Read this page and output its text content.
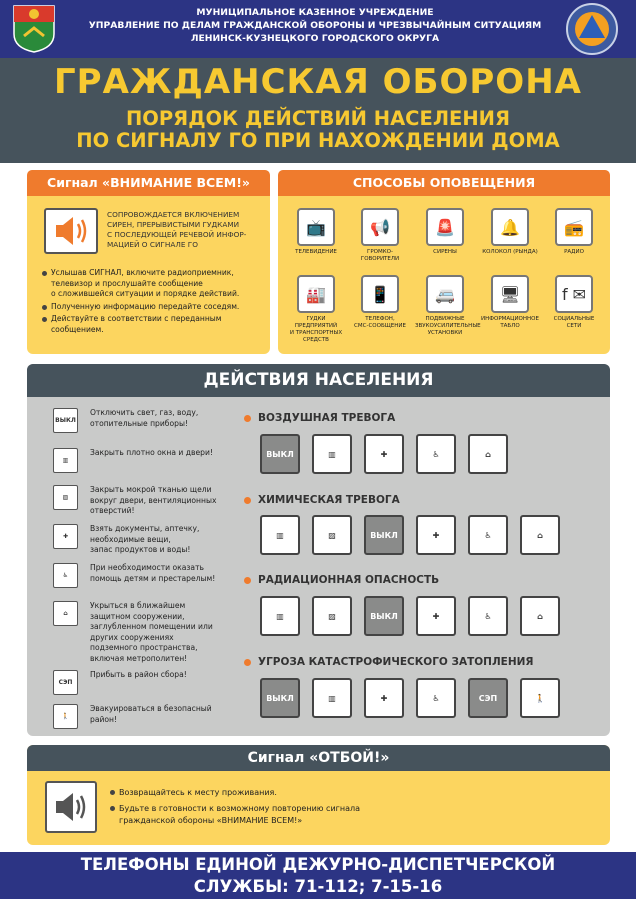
МУНИЦИПАЛЬНОЕ КАЗЕННОЕ УЧРЕЖДЕНИЕ
УПРАВЛЕНИЕ ПО ДЕЛАМ ГРАЖДАНСКОЙ ОБОРОНЫ И ЧРЕЗВЫЧАЙНЫМ СИТУАЦИЯМ
ЛЕНИНСК-КУЗНЕЦКОГО ГОРОДСКОГО ОКРУГА
ГРАЖДАНСКАЯ ОБОРОНА
ПОРЯДОК ДЕЙСТВИЙ НАСЕЛЕНИЯ
ПО СИГНАЛУ ГО ПРИ НАХОЖДЕНИИ ДОМА
Сигнал «ВНИМАНИЕ ВСЕМ!»
СОПРОВОЖДАЕТСЯ ВКЛЮЧЕНИЕМ
СИРЕН, ПРЕРЫВИСТЫМИ ГУДКАМИ
С ПОСЛЕДУЮЩЕЙ РЕЧЕВОЙ ИНФОР-
МАЦИЕЙ О СИГНАЛЕ ГО
Услышав СИГНАЛ, включите радиоприемник,
телевизор и прослушайте сообщение
о сложившейся ситуации и порядке действий.
Полученную информацию передайте соседям.
Действуйте в соответствии с переданным
сообщением.
СПОСОБЫ ОПОВЕЩЕНИЯ
📺
ТЕЛЕВИДЕНИЕ
📢
ГРОМКО-
ГОВОРИТЕЛИ
🚨
СИРЕНЫ
🔔
КОЛОКОЛ (РЫНДА)
📻
РАДИО
🏭
ГУДКИ ПРЕДПРИЯТИЙ
И ТРАНСПОРТНЫХ
СРЕДСТВ
📱
ТЕЛЕФОН,
СМС-СООБЩЕНИЕ
🚐
ПОДВИЖНЫЕ
ЗВУКОУСИЛИТЕЛЬНЫЕ
УСТАНОВКИ
🖥
ИНФОРМАЦИОННОЕ
ТАБЛО
f ✉
СОЦИАЛЬНЫЕ
СЕТИ
ДЕЙСТВИЯ НАСЕЛЕНИЯ
ВЫКЛ
Отключить свет, газ, воду,
отопительные приборы!
▥
Закрыть плотно окна и двери!
▨
Закрыть мокрой тканью щели
вокруг двери, вентиляционных
отверстий!
✚
Взять документы, аптечку,
необходимые вещи,
запас продуктов и воды!
♿
При необходимости оказать
помощь детям и престарелым!
⌂
Укрыться в ближайшем
защитном сооружении,
заглубленном помещении или
других сооружениях
подземного пространства,
включая метрополитен!
СЭП
Прибыть в район сбора!
🚶
Эвакуироваться в безопасный
район!
ВОЗДУШНАЯ ТРЕВОГА
ВЫКЛ	▥	✚	♿	⌂
ХИМИЧЕСКАЯ ТРЕВОГА
▥	▨	ВЫКЛ	✚	♿	⌂
РАДИАЦИОННАЯ ОПАСНОСТЬ
▥	▨	ВЫКЛ	✚	♿	⌂
УГРОЗА КАТАСТРОФИЧЕСКОГО ЗАТОПЛЕНИЯ
ВЫКЛ	▥	✚	♿	СЭП	🚶
Сигнал «ОТБОЙ!»
Возвращайтесь к месту проживания.
Будьте в готовности к возможному повторению сигнала
гражданской обороны «ВНИМАНИЕ ВСЕМ!»
ТЕЛЕФОНЫ ЕДИНОЙ ДЕЖУРНО-ДИСПЕТЧЕРСКОЙ
СЛУЖБЫ: 71-112; 7-15-16
